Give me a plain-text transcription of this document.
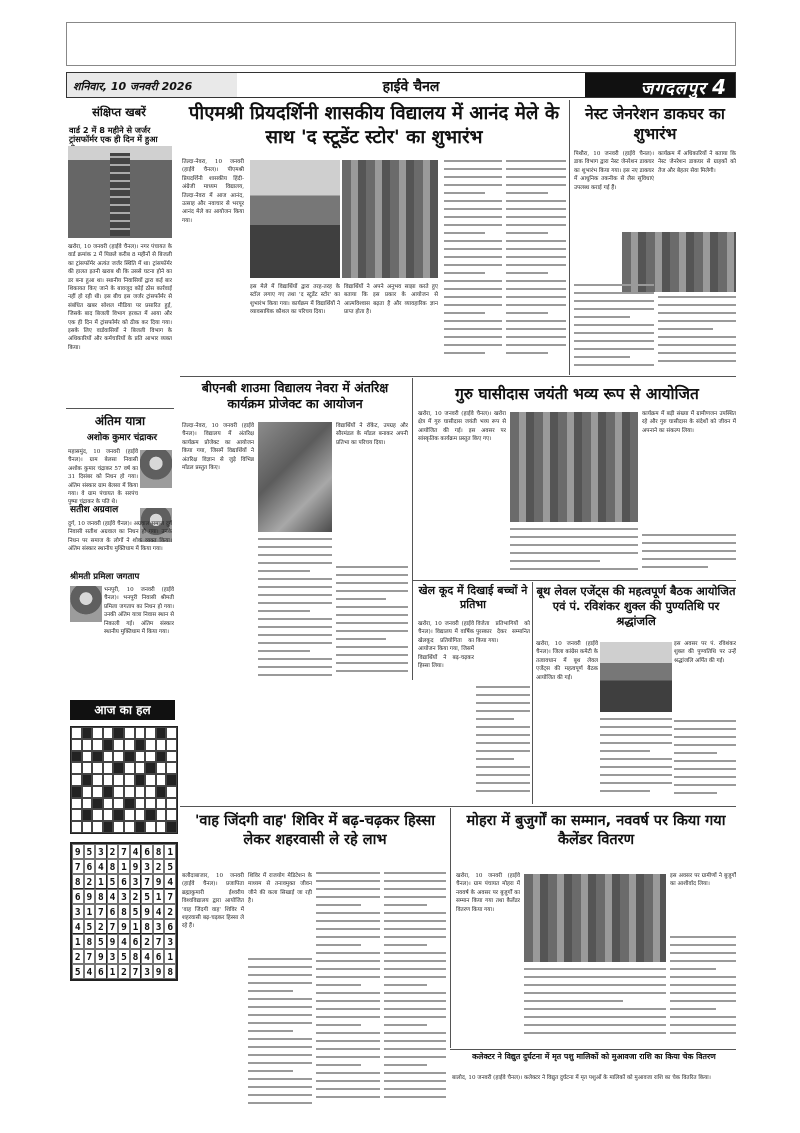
शनिवार, 10 जनवरी 2026	हाईवे चैनल	जगदलपुर 4
संक्षिप्त खबरें
वार्ड 2 में 8 महीने से जर्जर ट्रांसफॉर्मर एक ही दिन में हुआ
खरोरा, 10 जनवरी (हाईवे चैनल)। नगर पंचायत के वार्ड क्रमांक 2 में पिछले करीब 8 महीनों से बिजली का ट्रांसफॉर्मर अत्यंत जर्जर स्थिति में था। ट्रांसफॉर्मर की हालत इतनी खराब थी कि उससे घटना होने का डर बना हुआ था। स्थानीय निवासियों द्वारा कई बार शिकायत किए जाने के बावजूद कोई ठोस कार्रवाई नहीं हो रही थी। इस बीच इस जर्जर ट्रांसफॉर्मर से संबंधित खबर सोशल मीडिया पर प्रसारित हुई, जिसके बाद बिजली विभाग हरकत में आया और एक ही दिन में ट्रांसफॉर्मर को ठीक कर दिया गया। इसके लिए वार्डवासियों ने बिजली विभाग के अधिकारियों और कर्मचारियों के प्रति आभार व्यक्त किया।
अंतिम यात्रा
अशोक कुमार चंद्राकर
महासमुंद, 10 जनवरी (हाईवे चैनल)। ग्राम बेलसा निवासी अशोक कुमार चंद्राकर 57 वर्ष का 31 दिसंबर को निधन हो गया। अंतिम संस्कार ग्राम बेलसा में किया गया। वे ग्राम पंचायत के सरपंच पुष्पा चंद्राकर के पति थे।
सतीश अग्रवाल
दुर्ग, 10 जनवरी (हाईवे चैनल)। अग्रवाल समाज दुर्ग निवासी सतीश अग्रवाल का निधन हो गया। उनके निधन पर समाज के लोगों ने शोक व्यक्त किया। अंतिम संस्कार स्थानीय मुक्तिधाम में किया गया।
श्रीमती प्रमिला जगताप
भनपुरी, 10 जनवरी (हाईवे चैनल)। भनपुरी निवासी श्रीमती प्रमिला जगताप का निधन हो गया। उनकी अंतिम यात्रा निवास स्थान से निकाली गई। अंतिम संस्कार स्थानीय मुक्तिधाम में किया गया।
आज का हल
9 5 3 2 7 4 6 8 1
7 6 4 8 1 9 3 2 5
8 2 1 5 6 3 7 9 4
6 9 8 4 3 2 5 1 7
3 1 7 6 8 5 9 4 2
4 5 2 7 9 1 8 3 6
1 8 5 9 4 6 2 7 3
2 7 9 3 5 8 4 6 1
5 4 6 1 2 7 3 9 8
पीएमश्री प्रियदर्शिनी शासकीय विद्यालय में आनंद मेले के साथ 'द स्टूडेंट स्टोर' का शुभारंभ
तिल्दा-नेवरा, 10 जनवरी (हाईवे चैनल)। पीएमश्री प्रियदर्शिनी शासकीय हिंदी-अंग्रेजी माध्यम विद्यालय, तिल्दा-नेवरा में आज आनंद, उत्साह और नवाचार से भरपूर आनंद मेले का आयोजन किया गया।
इस मेले में विद्यार्थियों द्वारा तरह-तरह के स्टॉल लगाए गए तथा 'द स्टूडेंट स्टोर' का शुभारंभ किया गया। कार्यक्रम में विद्यार्थियों ने व्यावसायिक कौशल का परिचय दिया।
विद्यार्थियों ने अपने अनुभव साझा करते हुए बताया कि इस प्रकार के आयोजन से आत्मविश्वास बढ़ता है और व्यावहारिक ज्ञान प्राप्त होता है।
नेस्ट जेनरेशन डाकघर का शुभारंभ
पिथौरा, 10 जनवरी (हाईवे चैनल)। डाक विभाग द्वारा नेस्ट जेनरेशन डाकघर का शुभारंभ किया गया। इस नए डाकघर में आधुनिक तकनीक से लैस सुविधाएं उपलब्ध कराई गई हैं।
कार्यक्रम में अधिकारियों ने बताया कि नेस्ट जेनरेशन डाकघर से ग्राहकों को तेज और बेहतर सेवा मिलेगी।
बीएनबी शाउमा विद्यालय नेवरा में अंतरिक्ष कार्यक्रम प्रोजेक्ट का आयोजन
तिल्दा-नेवरा, 10 जनवरी (हाईवे चैनल)। विद्यालय में अंतरिक्ष कार्यक्रम प्रोजेक्ट का आयोजन किया गया, जिसमें विद्यार्थियों ने अंतरिक्ष विज्ञान से जुड़े विभिन्न मॉडल प्रस्तुत किए।
विद्यार्थियों ने रॉकेट, उपग्रह और सौरमंडल के मॉडल बनाकर अपनी प्रतिभा का परिचय दिया।
गुरु घासीदास जयंती भव्य रूप से आयोजित
खरोरा, 10 जनवरी (हाईवे चैनल)। खरोरा क्षेत्र में गुरु घासीदास जयंती भव्य रूप से आयोजित की गई। इस अवसर पर सांस्कृतिक कार्यक्रम प्रस्तुत किए गए।
कार्यक्रम में बड़ी संख्या में ग्रामीणजन उपस्थित रहे और गुरु घासीदास के संदेशों को जीवन में अपनाने का संकल्प लिया।
खेल कूद में दिखाई बच्चों ने प्रतिभा
खरोरा, 10 जनवरी (हाईवे चैनल)। विद्यालय में वार्षिक खेलकूद प्रतियोगिता का आयोजन किया गया, जिसमें विद्यार्थियों ने बढ़-चढ़कर हिस्सा लिया।
विजेता प्रतिभागियों को पुरस्कार देकर सम्मानित किया गया।
बूथ लेवल एजेंट्स की महत्वपूर्ण बैठक आयोजित एवं पं. रविशंकर शुक्ल की पुण्यतिथि पर श्रद्धांजलि
खरोरा, 10 जनवरी (हाईवे चैनल)। जिला कांग्रेस कमेटी के तत्वावधान में बूथ लेवल एजेंट्स की महत्वपूर्ण बैठक आयोजित की गई।
इस अवसर पर पं. रविशंकर शुक्ल की पुण्यतिथि पर उन्हें श्रद्धांजलि अर्पित की गई।
'वाह जिंदगी वाह' शिविर में बढ़-चढ़कर हिस्सा लेकर शहरवासी ले रहे लाभ
बलौदाबाजार, 10 जनवरी (हाईवे चैनल)। प्रजापिता ब्रह्माकुमारी ईश्वरीय विश्वविद्यालय द्वारा आयोजित 'वाह जिंदगी वाह' शिविर में शहरवासी बढ़-चढ़कर हिस्सा ले रहे हैं।
शिविर में राजयोग मेडिटेशन के माध्यम से तनावमुक्त जीवन जीने की कला सिखाई जा रही है।
मोहरा में बुजुर्गों का सम्मान, नववर्ष पर किया गया कैलेंडर वितरण
खरोरा, 10 जनवरी (हाईवे चैनल)। ग्राम पंचायत मोहरा में नववर्ष के अवसर पर बुजुर्गों का सम्मान किया गया तथा कैलेंडर वितरण किया गया।
इस अवसर पर ग्रामीणों ने बुजुर्गों का आशीर्वाद लिया।
कलेक्टर ने विद्युत दुर्घटना में मृत पशु मालिकों को मुआवजा राशि का किया चेक वितरण
बालोद, 10 जनवरी (हाईवे चैनल)। कलेक्टर ने विद्युत दुर्घटना में मृत पशुओं के मालिकों को मुआवजा राशि का चेक वितरित किया।
